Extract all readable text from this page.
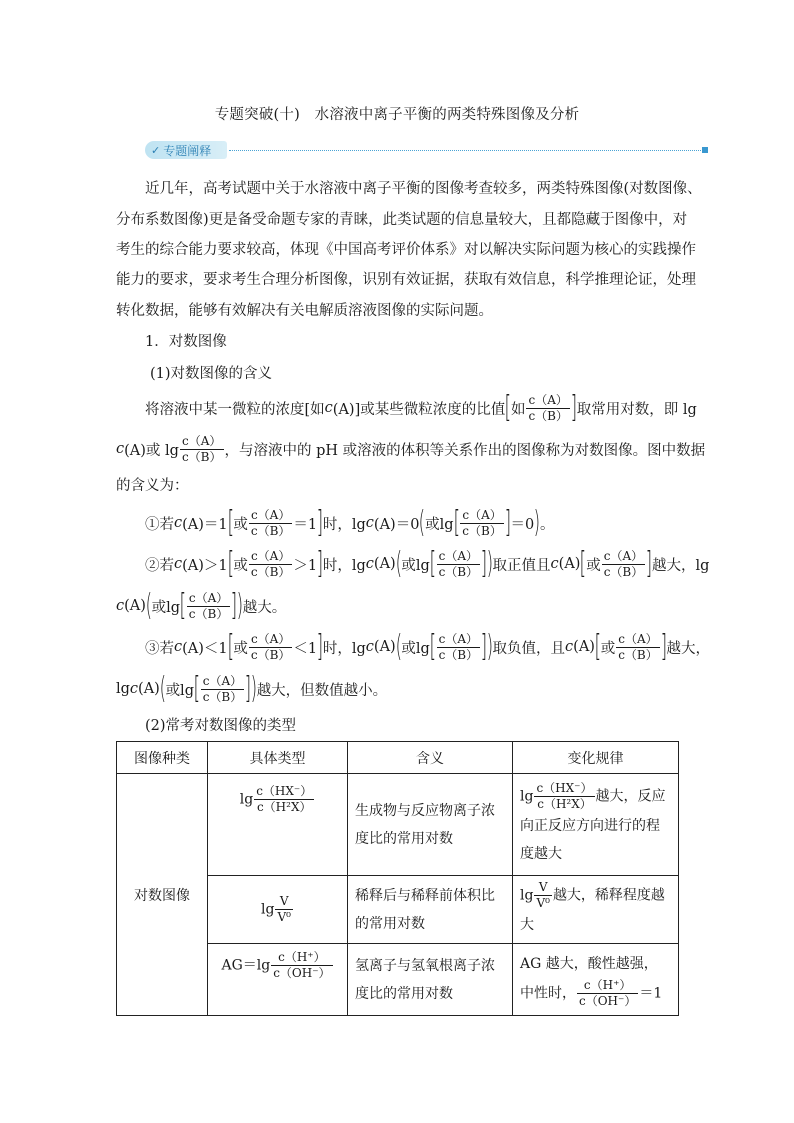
专题突破(十)　水溶液中离子平衡的两类特殊图像及分析
✓ 专题阐释
近几年，高考试题中关于水溶液中离子平衡的图像考查较多，两类特殊图像(对数图像、
分布系数图像)更是备受命题专家的青睐，此类试题的信息量较大，且都隐藏于图像中，对
考生的综合能力要求较高，体现《中国高考评价体系》对以解决实际问题为核心的实践操作
能力的要求，要求考生合理分析图像，识别有效证据，获取有效信息，科学推理论证，处理
转化数据，能够有效解决有关电解质溶液图像的实际问题。
1．对数图像
(1)对数图像的含义
将溶液中某一微粒的浓度[如 c (A)]或某些微粒浓度的比值 [ 如 $\frac{c(A)}{c(B)}$ ] 取常用对数，即 lg
c (A)或 $\lg \frac{c(A)}{c(B)}$ ，与溶液中的 pH 或溶液的体积等关系作出的图像称为对数图像。图中数据
的含义为：
①若 c (A)＝1 [ 或 $\frac{c(A)}{c(B)} =1$ ] 时，lg c (A)＝0 ( 或lg [ $\frac{c(A)}{c(B)}$ ] ＝0 ) 。
②若 c (A)＞1 [ 或 $\frac{c(A)}{c(B)} >1$ ] 时，lg c (A) ( 或lg [ $\frac{c(A)}{c(B)}$ ] ) 取正值且 c (A) [ 或 $\frac{c(A)}{c(B)}$ ] 越大，lg
c (A) ( 或lg [ $\frac{c(A)}{c(B)}$ ] ) 越大。
③若 c (A)＜1 [ 或 $\frac{c(A)}{c(B)} <1$ ] 时，lg c (A) ( 或lg [ $\frac{c(A)}{c(B)}$ ] ) 取负值，且 c (A) [ 或 $\frac{c(A)}{c(B)}$ ] 越大，
lg c (A) ( 或lg [ $\frac{c(A)}{c(B)}$ ] ) 越大，但数值越小。
(2)常考对数图像的类型
图像种类	具体类型	含义	变化规律
对数图像	$\lg \frac{c(HX^-)}{\text{c（H²X）}}$	生成物与反应物离子浓度比的常用对数	$\lg \frac{c(HX^-)}{\text{c（H²X）}}$ 越大，反应向正反应方向进行的程度越大
	$\lg \frac{V}{\text{V⁰}}$	稀释后与稀释前体积比的常用对数	$\lg \frac{V}{\text{V⁰}}$ 越大，稀释程度越大
	$AG=\lg \frac{c(H^+)}{c(OH^-)}$	氢离子与氢氧根离子浓度比的常用对数	AG 越大，酸性越强，中性时， $\frac{c(H^+)}{c(OH^-)} =1$
